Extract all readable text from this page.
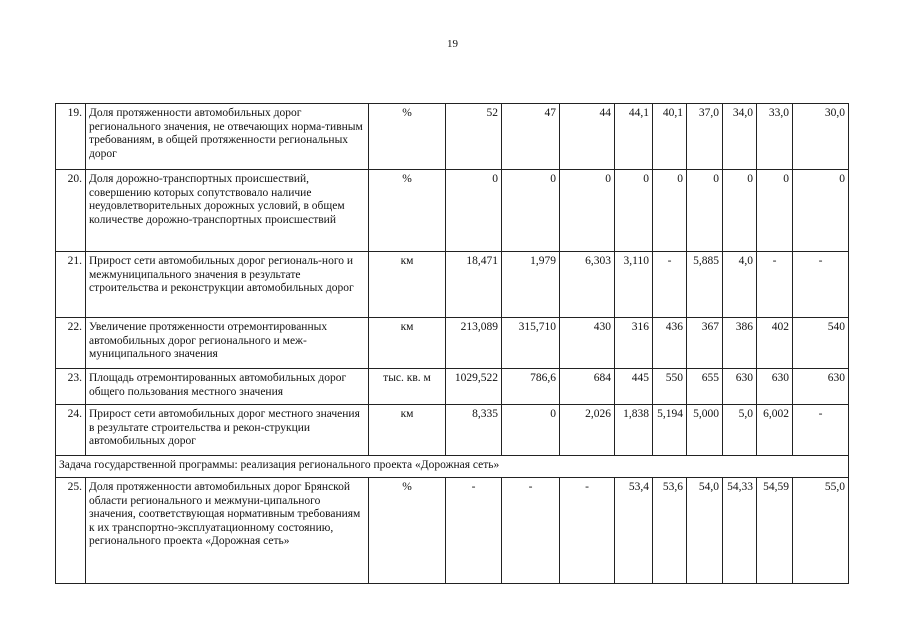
19
19.	Доля протяженности автомобильных дорог регионального значения, не отвечающих норма-тивным требованиям, в общей протяженности региональных дорог	%	52	47	44	44,1	40,1	37,0	34,0	33,0	30,0
20.	Доля дорожно-транспортных происшествий, совершению которых сопутствовало наличие неудовлетворительных дорожных условий, в общем количестве дорожно-транспортных происшествий	%	0	0	0	0	0	0	0	0	0
21.	Прирост сети автомобильных дорог региональ-ного и межмуниципального значения в результате строительства и реконструкции автомобильных дорог	км	18,471	1,979	6,303	3,110	-	5,885	4,0	-	-
22.	Увеличение протяженности отремонтированных автомобильных дорог регионального и меж-муниципального значения	км	213,089	315,710	430	316	436	367	386	402	540
23.	Площадь отремонтированных автомобильных дорог общего пользования местного значения	тыс. кв. м	1029,522	786,6	684	445	550	655	630	630	630
24.	Прирост сети автомобильных дорог местного значения в результате строительства и рекон-струкции автомобильных дорог	км	8,335	0	2,026	1,838	5,194	5,000	5,0	6,002	-
Задача государственной программы: реализация регионального проекта «Дорожная сеть»											
25.	Доля протяженности автомобильных дорог Брянской области регионального и межмуни-ципального значения, соответствующая нормативным требованиям к их транспортно-эксплуатационному состоянию, регионального проекта «Дорожная сеть»	%	-	-	-	53,4	53,6	54,0	54,33	54,59	55,0
